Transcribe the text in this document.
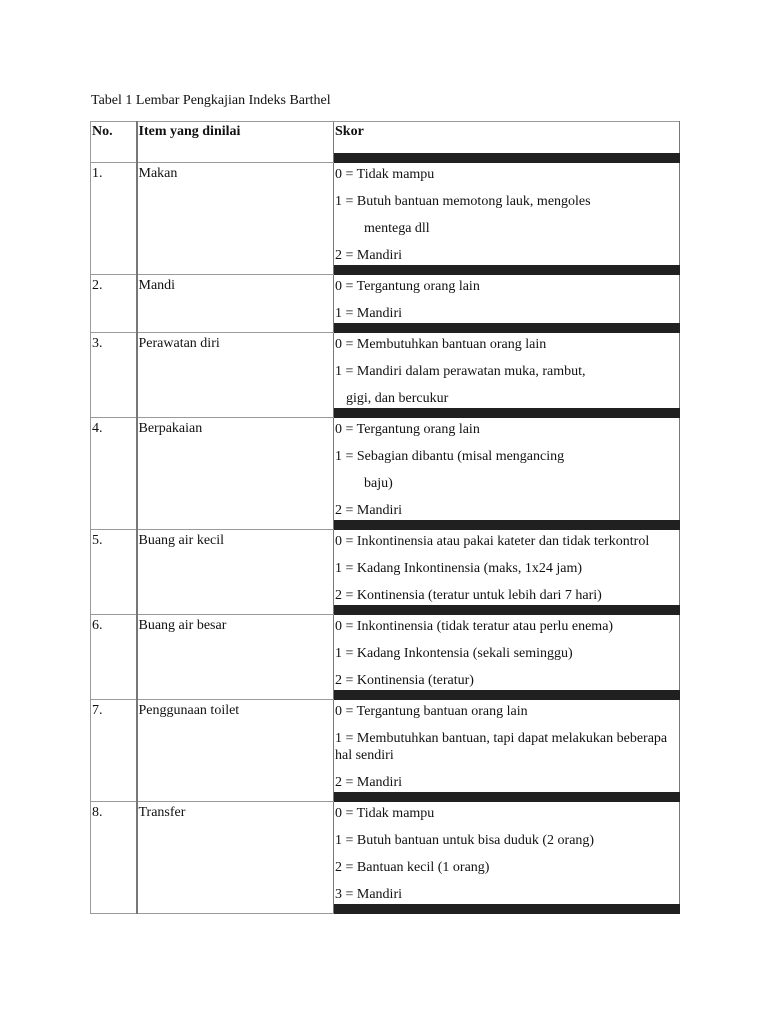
Tabel 1 Lembar Pengkajian Indeks Barthel
No.	Item yang dinilai	Skor
1.	Makan	0 = Tidak mampu
1 = Butuh bantuan memotong lauk, mengoles
mentega dll
2 = Mandiri

2.	Mandi	0 = Tergantung orang lain
1 = Mandiri

3.	Perawatan diri	0 = Membutuhkan bantuan orang lain
1 = Mandiri dalam perawatan muka, rambut,
gigi, dan bercukur

4.	Berpakaian	0 = Tergantung orang lain
1 = Sebagian dibantu (misal mengancing
baju)
2 = Mandiri

5.	Buang air kecil	0 = Inkontinensia atau pakai kateter dan tidak terkontrol
1 = Kadang Inkontinensia (maks, 1x24 jam)
2 = Kontinensia (teratur untuk lebih dari 7 hari)

6.	Buang air besar	0 = Inkontinensia (tidak teratur atau perlu enema)
1 = Kadang Inkontensia (sekali seminggu)
2 = Kontinensia (teratur)

7.	Penggunaan toilet	0 = Tergantung bantuan orang lain
1 = Membutuhkan bantuan, tapi dapat melakukan beberapa hal sendiri
2 = Mandiri

8.	Transfer	0 = Tidak mampu
1 = Butuh bantuan untuk bisa duduk (2 orang)
2 = Bantuan kecil (1 orang)
3 = Mandiri
